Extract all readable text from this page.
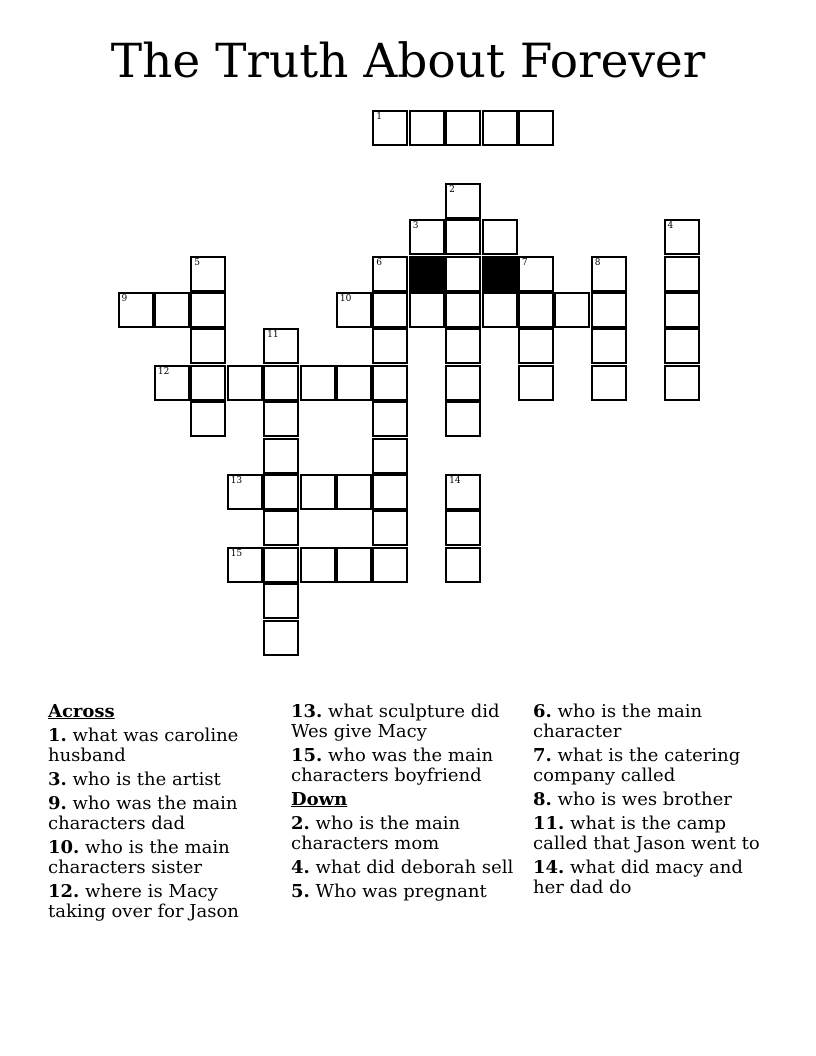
The Truth About Forever
1
2
3	4
5	6	7	8
9	10
11
12
13	14
15
Across
1. what was caroline husband
3. who is the artist
9. who was the main characters dad
10. who is the main characters sister
12. where is Macy taking over for Jason
13. what sculpture did Wes give Macy
15. who was the main characters boyfriend
Down
2. who is the main characters mom
4. what did deborah sell
5. Who was pregnant
6. who is the main character
7. what is the catering company called
8. who is wes brother
11. what is the camp called that Jason went to
14. what did macy and her dad do
